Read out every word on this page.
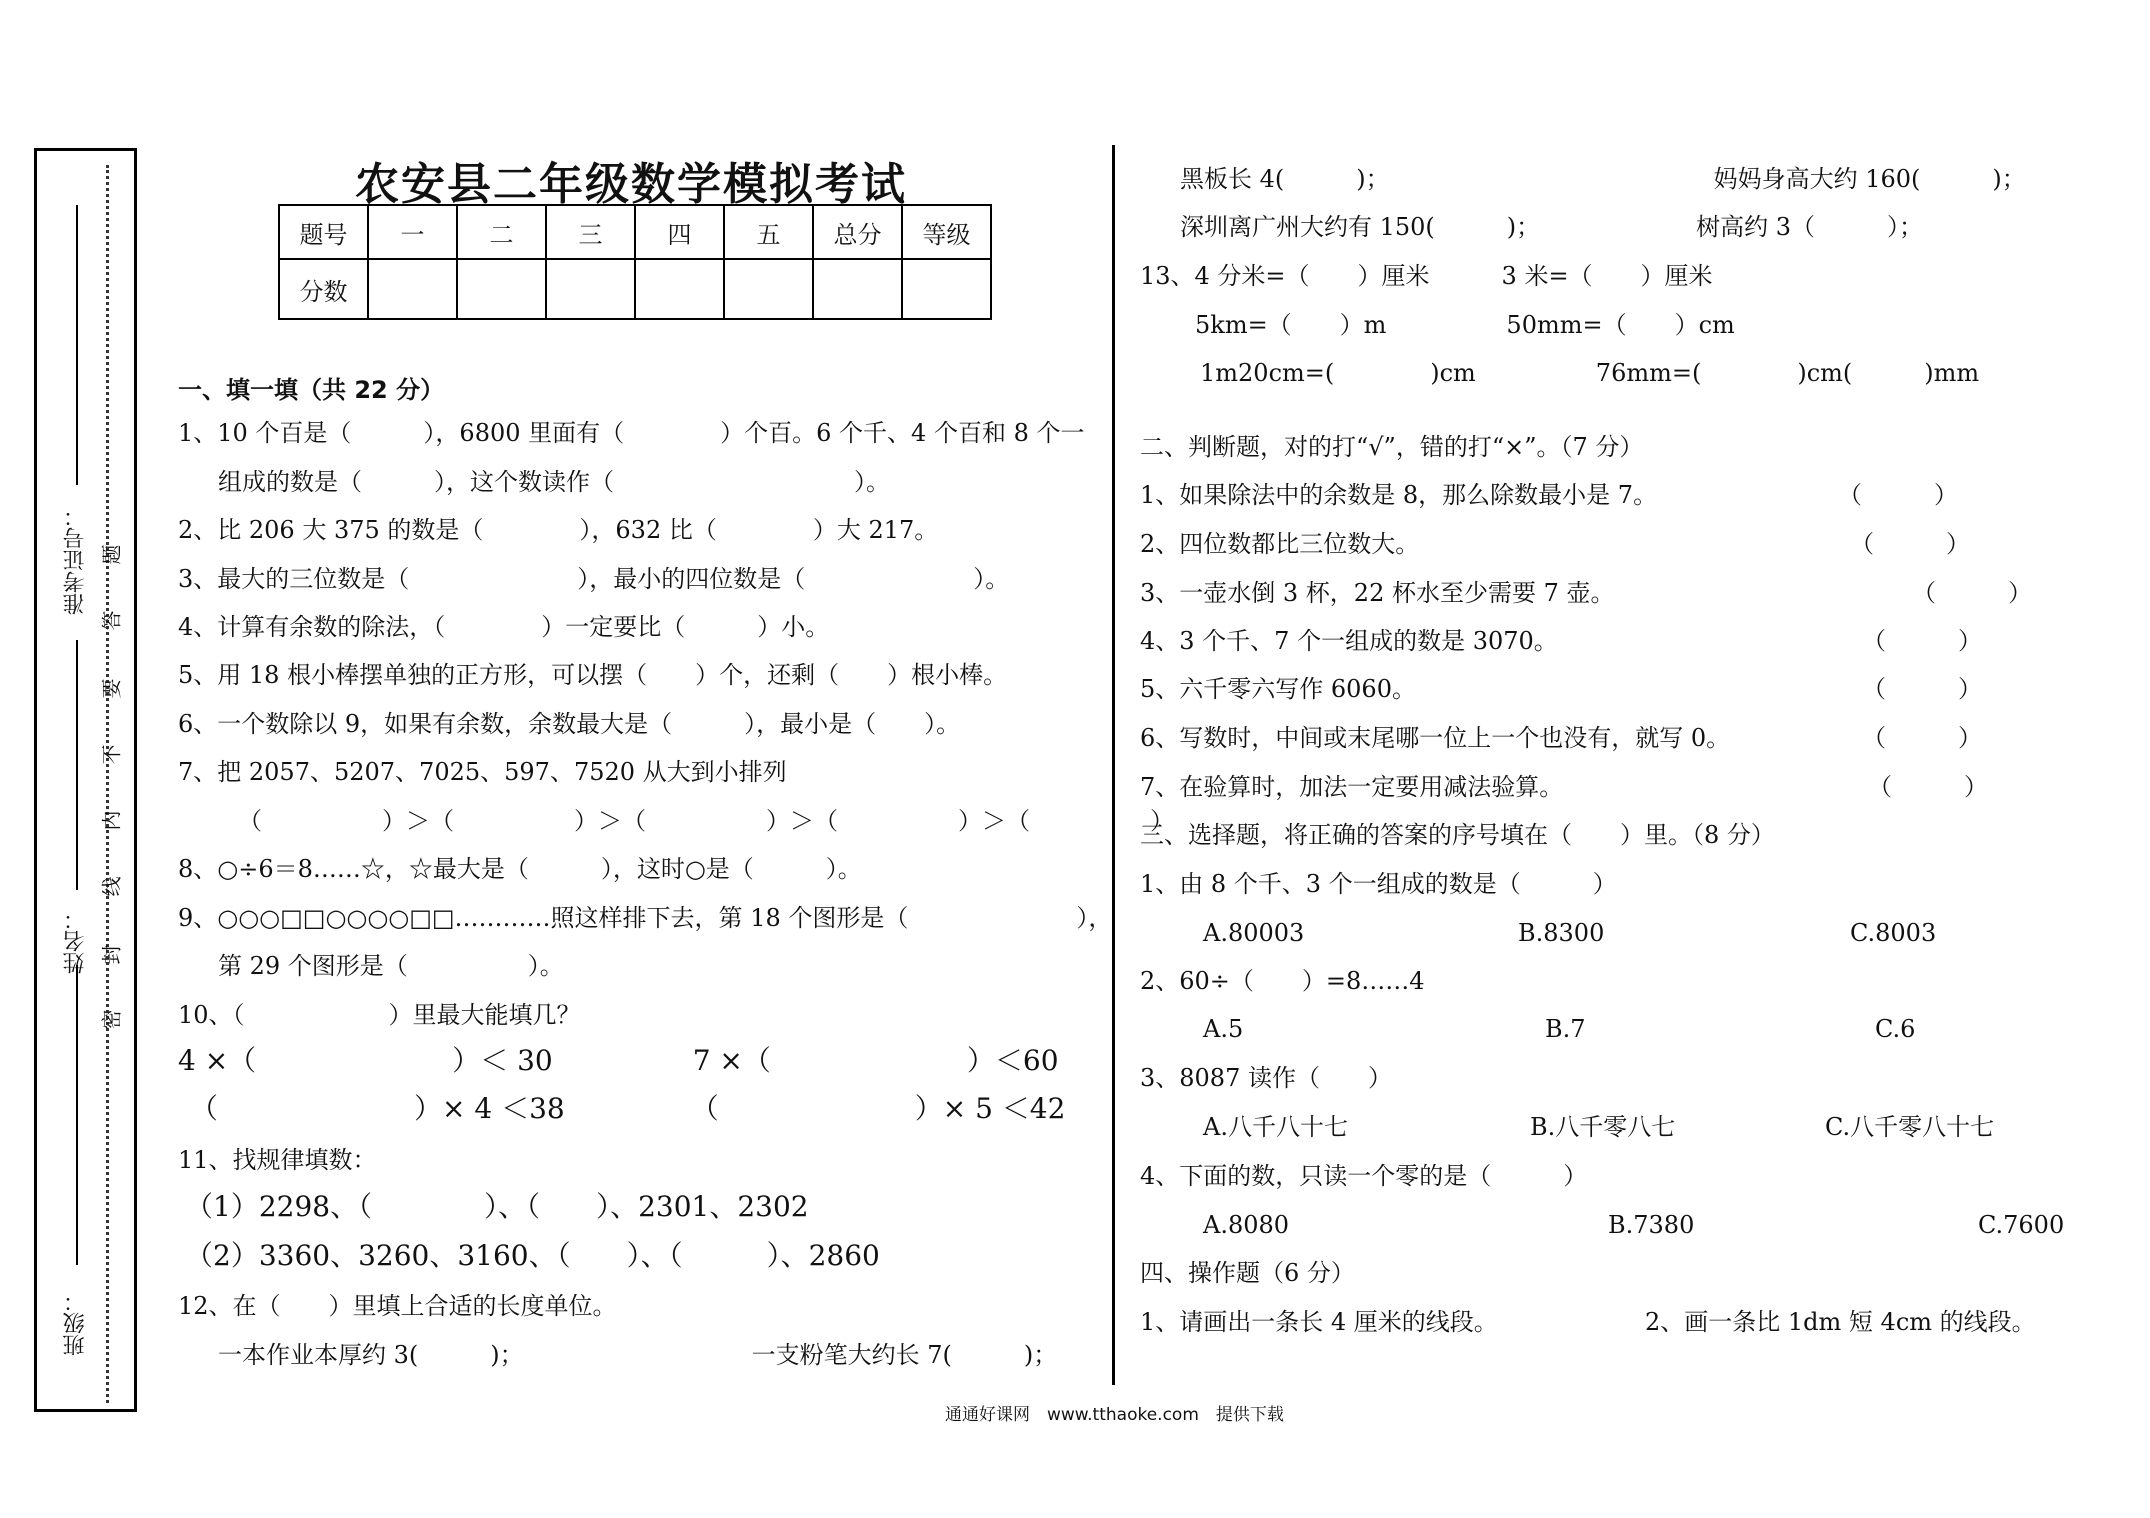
准考证号：
姓名：
班级：
密
封
线
内
不
要
答
题
农安县二年级数学模拟考试
题号	一	二	三	四	五	总分	等级
分数							
一、填一填（共 22 分）
1、10 个百是（　　　），6800 里面有（　　　　）个百。6 个千、4 个百和 8 个一
组成的数是（　　　），这个数读作（　　　　　　　　　　）。
2、比 206 大 375 的数是（　　　　），632 比（　　　　）大 217。
3、最大的三位数是（　　　　　　　），最小的四位数是（　　　　　　　）。
4、计算有余数的除法，（　　　　）一定要比（　　　）小。
5、用 18 根小棒摆单独的正方形，可以摆（　　）个，还剩（　　）根小棒。
6、一个数除以 9，如果有余数，余数最大是（　　　），最小是（　　）。
7、把 2057、5207、7025、597、7520 从大到小排列
（　　　　　）＞（　　　　　）＞（　　　　　）＞（　　　　　）＞（　　　　　）
8、○÷6＝8……☆，☆最大是（　　　），这时○是（　　　）。
9、○○○□□○○○○□□…………照这样排下去，第 18 个图形是（　　　　　　　），
第 29 个图形是（　　　　　）。
10、（　　　　　　）里最大能填几？
4 ×（　　　　　　　）＜ 30　　　　　7 ×（　　　　　　　）＜60
（　　　　　　　）× 4 ＜38　　　　　（　　　　　　　）× 5 ＜42
11、找规律填数：
（1）2298、（　　　　）、（　　）、2301、2302
（2）3360、3260、3160、（　　）、（　　　）、2860
12、在（　　）里填上合适的长度单位。
一本作业本厚约 3(　　　)；　　　　　　　　　　一支粉笔大约长 7(　　　)；
黑板长 4(　　　)；　　　　　　　　　　　　　　妈妈身高大约 160(　　　)；
深圳离广州大约有 150(　　　)；　　　　　　　树高约 3（　　　）；
13、4 分米=（　　）厘米　　　3 米=（　　）厘米
5km=（　　）m　　　　　50mm=（　　）cm
1m20cm=(　　　　)cm　　　　　76mm=(　　　　)cm(　　　)mm
二、判断题，对的打“√”，错的打“×”。（7 分）
1、如果除法中的余数是 8，那么除数最小是 7。	（　　　）
2、四位数都比三位数大。	（　　　）
3、一壶水倒 3 杯，22 杯水至少需要 7 壶。	（　　　）
4、3 个千、7 个一组成的数是 3070。	（　　　）
5、六千零六写作 6060。	（　　　）
6、写数时，中间或末尾哪一位上一个也没有，就写 0。	（　　　）
7、在验算时，加法一定要用减法验算。	（　　　）
三、选择题，将正确的答案的序号填在（　　）里。（8 分）
1、由 8 个千、3 个一组成的数是（　　　）
A.80003	B.8300	C.8003
2、60÷（　　）=8……4
A.5	B.7	C.6
3、8087 读作（　　）
A.八千八十七	B.八千零八七	C.八千零八十七
4、下面的数，只读一个零的是（　　　）
A.8080	B.7380	C.7600
四、操作题（6 分）
1、请画出一条长 4 厘米的线段。	2、画一条比 1dm 短 4cm 的线段。
通通好课网　www.tthaoke.com　提供下载
